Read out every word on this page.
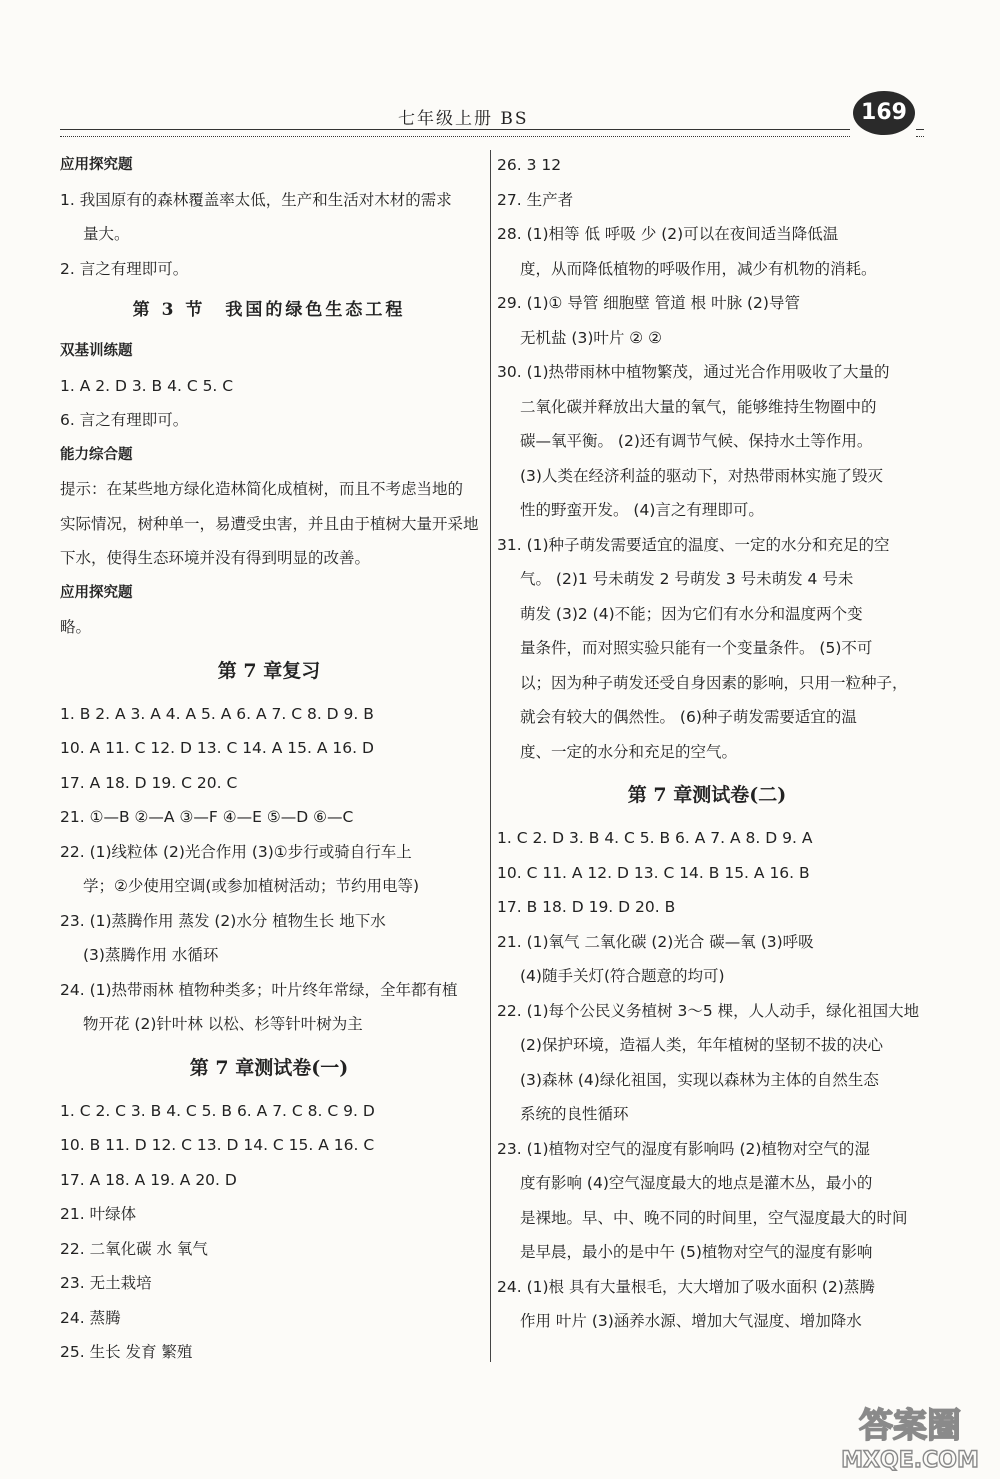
七年级上册 BS	169
应用探究题
1. 我国原有的森林覆盖率太低，生产和生活对木材的需求
量大。
2. 言之有理即可。
第 3 节　我国的绿色生态工程
双基训练题
1. A 2. D 3. B 4. C 5. C
6. 言之有理即可。
能力综合题
提示：在某些地方绿化造林简化成植树，而且不考虑当地的
实际情况，树种单一，易遭受虫害，并且由于植树大量开采地
下水，使得生态环境并没有得到明显的改善。
应用探究题
略。
第 7 章复习
1. B 2. A 3. A 4. A 5. A 6. A 7. C 8. D 9. B
10. A 11. C 12. D 13. C 14. A 15. A 16. D
17. A 18. D 19. C 20. C
21. ①—B ②—A ③—F ④—E ⑤—D ⑥—C
22. (1)线粒体 (2)光合作用 (3)①步行或骑自行车上
学；②少使用空调(或参加植树活动；节约用电等)
23. (1)蒸腾作用 蒸发 (2)水分 植物生长 地下水
(3)蒸腾作用 水循环
24. (1)热带雨林 植物种类多；叶片终年常绿，全年都有植
物开花 (2)针叶林 以松、杉等针叶树为主
第 7 章测试卷(一)
1. C 2. C 3. B 4. C 5. B 6. A 7. C 8. C 9. D
10. B 11. D 12. C 13. D 14. C 15. A 16. C
17. A 18. A 19. A 20. D
21. 叶绿体
22. 二氧化碳 水 氧气
23. 无土栽培
24. 蒸腾
25. 生长 发育 繁殖
26. 3 12
27. 生产者
28. (1)相等 低 呼吸 少 (2)可以在夜间适当降低温
度，从而降低植物的呼吸作用，减少有机物的消耗。
29. (1)① 导管 细胞壁 管道 根 叶脉 (2)导管
无机盐 (3)叶片 ② ②
30. (1)热带雨林中植物繁茂，通过光合作用吸收了大量的
二氧化碳并释放出大量的氧气，能够维持生物圈中的
碳—氧平衡。 (2)还有调节气候、保持水土等作用。
(3)人类在经济利益的驱动下，对热带雨林实施了毁灭
性的野蛮开发。 (4)言之有理即可。
31. (1)种子萌发需要适宜的温度、一定的水分和充足的空
气。 (2)1 号未萌发 2 号萌发 3 号未萌发 4 号未
萌发 (3)2 (4)不能；因为它们有水分和温度两个变
量条件，而对照实验只能有一个变量条件。 (5)不可
以；因为种子萌发还受自身因素的影响，只用一粒种子，
就会有较大的偶然性。 (6)种子萌发需要适宜的温
度、一定的水分和充足的空气。
第 7 章测试卷(二)
1. C 2. D 3. B 4. C 5. B 6. A 7. A 8. D 9. A
10. C 11. A 12. D 13. C 14. B 15. A 16. B
17. B 18. D 19. D 20. B
21. (1)氧气 二氧化碳 (2)光合 碳—氧 (3)呼吸
(4)随手关灯(符合题意的均可)
22. (1)每个公民义务植树 3～5 棵，人人动手，绿化祖国大地
(2)保护环境，造福人类，年年植树的坚韧不拔的决心
(3)森林 (4)绿化祖国，实现以森林为主体的自然生态
系统的良性循环
23. (1)植物对空气的湿度有影响吗 (2)植物对空气的湿
度有影响 (4)空气湿度最大的地点是灌木丛，最小的
是裸地。早、中、晚不同的时间里，空气湿度最大的时间
是早晨，最小的是中午 (5)植物对空气的湿度有影响
24. (1)根 具有大量根毛，大大增加了吸水面积 (2)蒸腾
作用 叶片 (3)涵养水源、增加大气湿度、增加降水
答案圈
MXQE.COM
